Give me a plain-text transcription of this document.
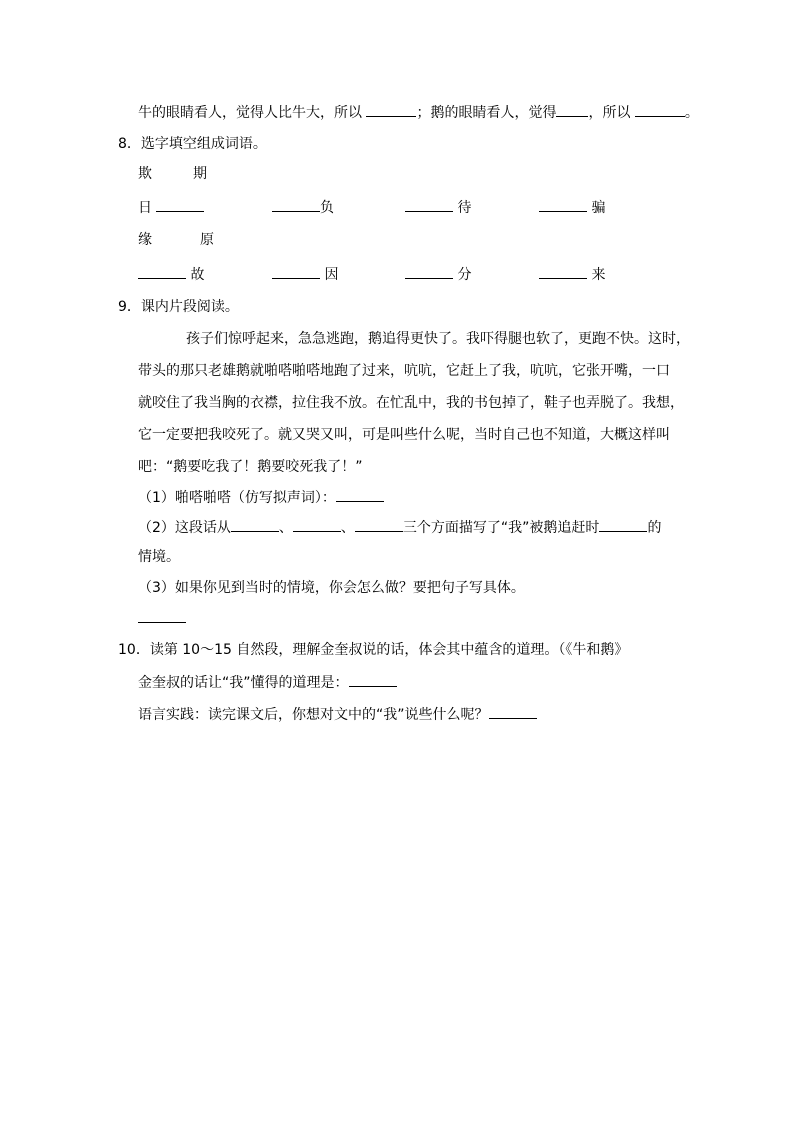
牛的眼睛看人，觉得人比牛大，所以	；鹅的眼睛看人，觉得 ，所以	。
8．选字填空组成词语。
欺	期
日	负	待	骗
缘	原
故	因	分	来
9．课内片段阅读。
孩子们惊呼起来，急急逃跑，鹅追得更快了。我吓得腿也软了，更跑不快。这时，
带头的那只老雄鹅就啪嗒啪嗒地跑了过来，吭吭，它赶上了我，吭吭，它张开嘴，一口
就咬住了我当胸的衣襟，拉住我不放。在忙乱中，我的书包掉了，鞋子也弄脱了。我想，
它一定要把我咬死了。就又哭又叫，可是叫些什么呢，当时自己也不知道，大概这样叫
吧：“鹅要吃我了！鹅要咬死我了！”
（1）啪嗒啪嗒（仿写拟声词）：
（2）这段话从	、	、	三个方面描写了“我”被鹅追赶时	的
情境。
（3）如果你见到当时的情境，你会怎么做？要把句子写具体。
10．读第 10～15 自然段，理解金奎叔说的话，体会其中蕴含的道理。（《牛和鹅》
金奎叔的话让“我”懂得的道理是：
语言实践：读完课文后，你想对文中的“我”说些什么呢？
